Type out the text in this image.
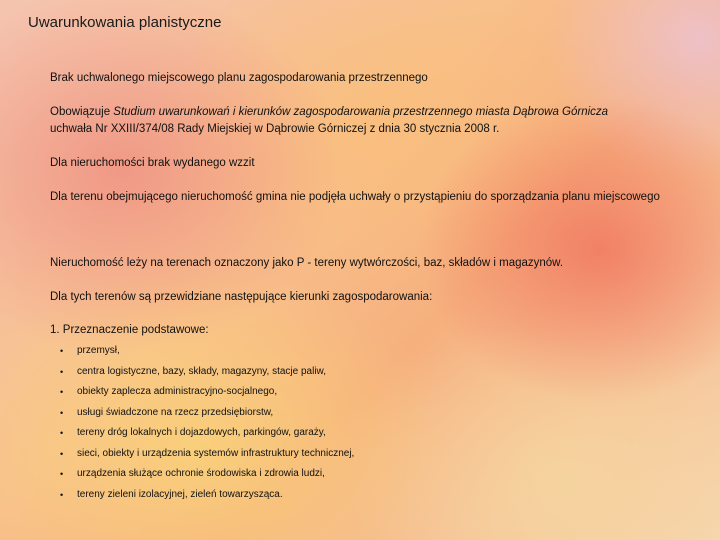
Uwarunkowania planistyczne
Brak uchwalonego miejscowego planu zagospodarowania przestrzennego
Obowiązuje Studium uwarunkowań i kierunków zagospodarowania przestrzennego miasta Dąbrowa Górnicza
uchwała Nr XXIII/374/08 Rady Miejskiej w Dąbrowie Górniczej z dnia 30 stycznia 2008 r.
Dla nieruchomości brak wydanego wzzit
Dla terenu obejmującego nieruchomość gmina nie podjęła uchwały o przystąpieniu do sporządzania planu miejscowego
Nieruchomość leży na terenach oznaczony jako P - tereny wytwórczości, baz, składów i magazynów.
Dla tych terenów są przewidziane następujące kierunki zagospodarowania:
1. Przeznaczenie podstawowe:
• przemysł,
• centra logistyczne, bazy, składy, magazyny, stacje paliw,
• obiekty zaplecza administracyjno-socjalnego,
• usługi świadczone na rzecz przedsiębiorstw,
• tereny dróg lokalnych i dojazdowych, parkingów, garaży,
• sieci, obiekty i urządzenia systemów infrastruktury technicznej,
• urządzenia służące ochronie środowiska i zdrowia ludzi,
• tereny zieleni izolacyjnej, zieleń towarzysząca.
